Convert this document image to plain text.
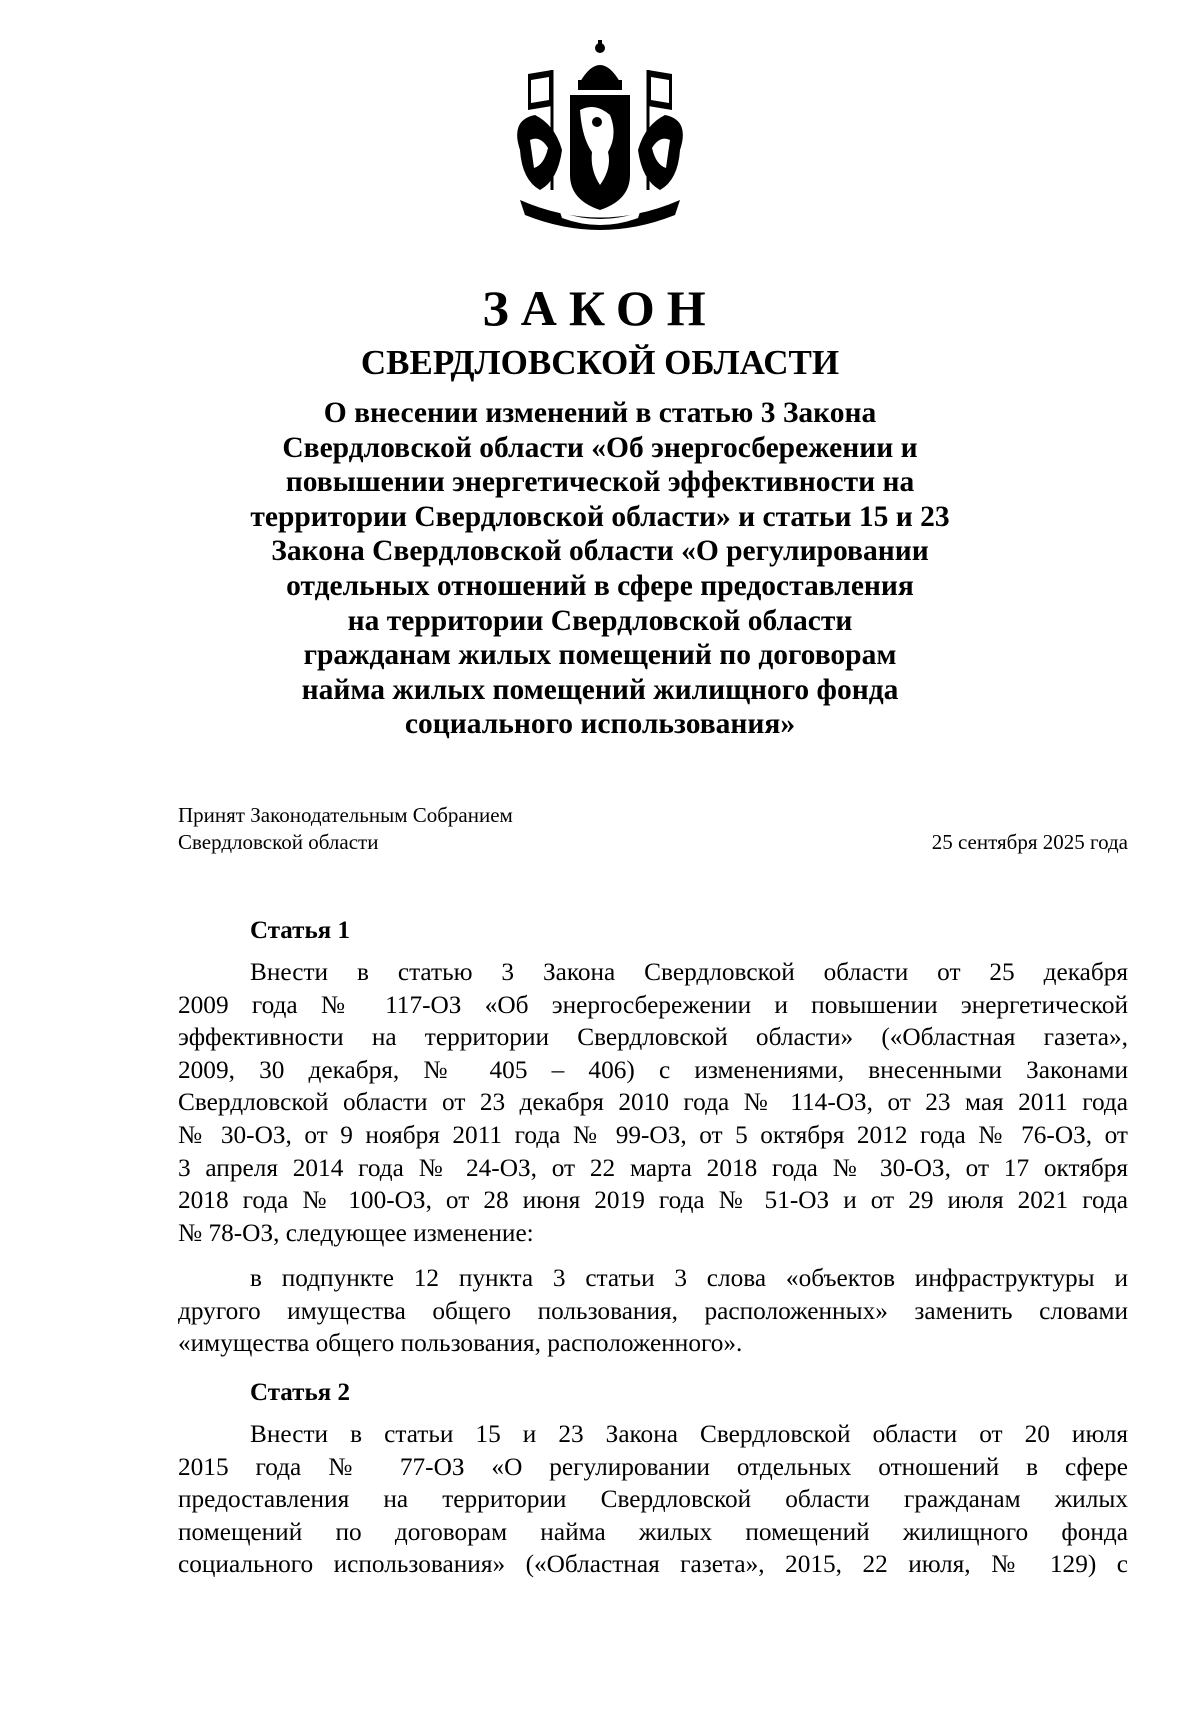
ЗАКОН
СВЕРДЛОВСКОЙ ОБЛАСТИ
О внесении изменений в статью 3 Закона
Свердловской области «Об энергосбережении и
повышении энергетической эффективности на
территории Свердловской области» и статьи 15 и 23
Закона Свердловской области «О регулировании
отдельных отношений в сфере предоставления
на территории Свердловской области
гражданам жилых помещений по договорам
найма жилых помещений жилищного фонда
социального использования»
Принят Законодательным Собранием
Свердловской области	25 сентября 2025 года
Статья 1
Внести в статью 3 Закона Свердловской области от 25 декабря
2009 года № 117-ОЗ «Об энергосбережении и повышении энергетической
эффективности на территории Свердловской области» («Областная газета»,
2009, 30 декабря, № 405 – 406) с изменениями, внесенными Законами
Свердловской области от 23 декабря 2010 года № 114-ОЗ, от 23 мая 2011 года
№ 30-ОЗ, от 9 ноября 2011 года № 99-ОЗ, от 5 октября 2012 года № 76-ОЗ, от
3 апреля 2014 года № 24-ОЗ, от 22 марта 2018 года № 30-ОЗ, от 17 октября
2018 года № 100-ОЗ, от 28 июня 2019 года № 51-ОЗ и от 29 июля 2021 года
№ 78-ОЗ, следующее изменение:
в подпункте 12 пункта 3 статьи 3 слова «объектов инфраструктуры и
другого имущества общего пользования, расположенных» заменить словами
«имущества общего пользования, расположенного».
Статья 2
Внести в статьи 15 и 23 Закона Свердловской области от 20 июля
2015 года № 77-ОЗ «О регулировании отдельных отношений в сфере
предоставления на территории Свердловской области гражданам жилых
помещений по договорам найма жилых помещений жилищного фонда
социального использования» («Областная газета», 2015, 22 июля, № 129) с
